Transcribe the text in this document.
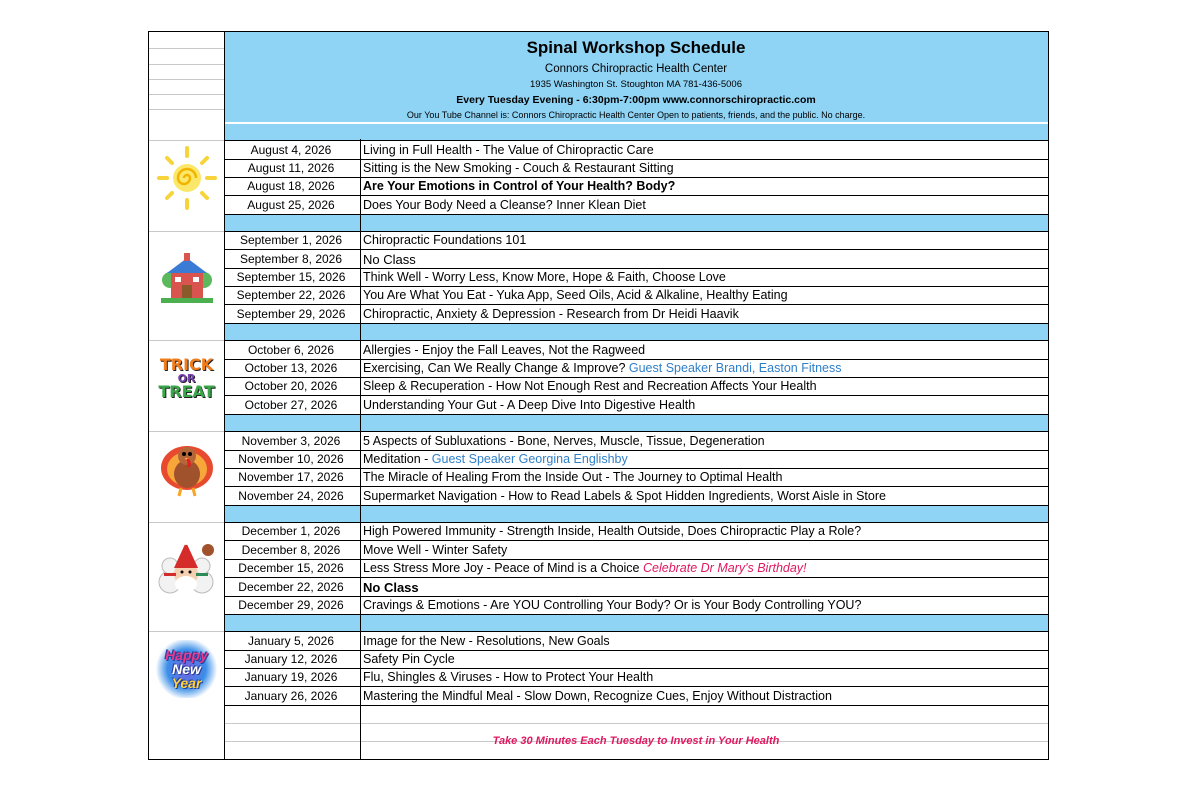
Spinal Workshop Schedule
Connors Chiropractic Health Center
1935 Washington St. Stoughton MA 781-436-5006
Every Tuesday Evening - 6:30pm-7:00pm www.connorschiropractic.com
Our You Tube Channel is: Connors Chiropractic Health Center Open to patients, friends, and the public. No charge.
August 4, 2026	Living in Full Health - The Value of Chiropractic Care
August 11, 2026	Sitting is the New Smoking - Couch & Restaurant Sitting
August 18, 2026	Are Your Emotions in Control of Your Health? Body?
August 25, 2026	Does Your Body Need a Cleanse? Inner Klean Diet
September 1, 2026	Chiropractic Foundations 101
September 8, 2026	No Class
September 15, 2026	Think Well - Worry Less, Know More, Hope & Faith, Choose Love
September 22, 2026	You Are What You Eat - Yuka App, Seed Oils, Acid & Alkaline, Healthy Eating
September 29, 2026	Chiropractic, Anxiety & Depression - Research from Dr Heidi Haavik
October 6, 2026	Allergies - Enjoy the Fall Leaves, Not the Ragweed
October 13, 2026	Exercising, Can We Really Change & Improve? Guest Speaker Brandi, Easton Fitness
October 20, 2026	Sleep & Recuperation - How Not Enough Rest and Recreation Affects Your Health
October 27, 2026	Understanding Your Gut - A Deep Dive Into Digestive Health
TRICK
OR
TREAT
November 3, 2026	5 Aspects of Subluxations - Bone, Nerves, Muscle, Tissue, Degeneration
November 10, 2026	Meditation - Guest Speaker Georgina Englishby
November 17, 2026	The Miracle of Healing From the Inside Out - The Journey to Optimal Health
November 24, 2026	Supermarket Navigation - How to Read Labels & Spot Hidden Ingredients, Worst Aisle in Store
December 1, 2026	High Powered Immunity - Strength Inside, Health Outside, Does Chiropractic Play a Role?
December 8, 2026	Move Well - Winter Safety
December 15, 2026	Less Stress More Joy - Peace of Mind is a Choice Celebrate Dr Mary's Birthday!
December 22, 2026	No Class
December 29, 2026	Cravings & Emotions - Are YOU Controlling Your Body? Or is Your Body Controlling YOU?
January 5, 2026	Image for the New - Resolutions, New Goals
January 12, 2026	Safety Pin Cycle
January 19, 2026	Flu, Shingles & Viruses - How to Protect Your Health
January 26, 2026	Mastering the Mindful Meal - Slow Down, Recognize Cues, Enjoy Without Distraction
Happy
New
Year
Take 30 Minutes Each Tuesday to Invest in Your Health
